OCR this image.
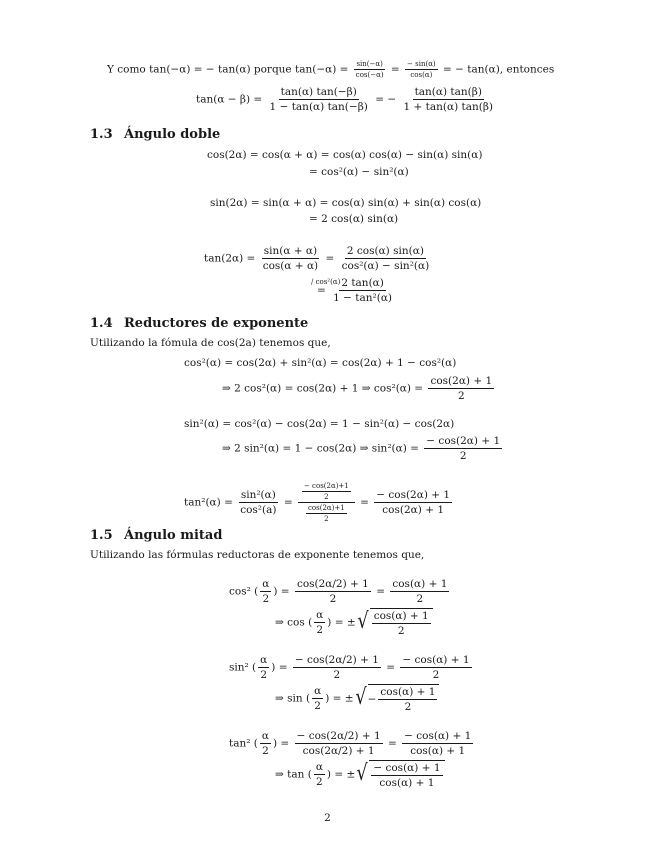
Y como tan(−α) = − tan(α) porque $\tan(-\alpha) = \frac{\sin(-\alpha)}{\cos(-\alpha)} = \frac{- \sin(\alpha)}{\cos(\alpha)}$ = − tan(α), entonces
$\tan(\alpha - \beta) = \frac{\tan(\alpha) \tan(-\beta)}{1 - \tan(\alpha) \tan(-\beta)}$ = − $\frac{\tan(\alpha) \tan(\beta)}{1 + \tan(\alpha) \tan(\beta)}$
1.3 Ángulo doble
cos(2α) = cos(α + α) = cos(α) cos(α) − sin(α) sin(α)
= cos²(α) − sin²(α)
sin(2α) = sin(α + α) = cos(α) sin(α) + sin(α) cos(α)
= 2 cos(α) sin(α)
$\tan(2\alpha) = \frac{\sin(\alpha + \alpha)}{\cos(\alpha + \alpha)} = \frac{2 \cos(\alpha) \sin(\alpha)}{\text{cos²(α) − sin²(α)}}$
/ cos²(α)
= $\frac{2 \tan(\alpha)}{\text{1 − tan²(α)}}$
1.4 Reductores de exponente
Utilizando la fómula de cos(2a) tenemos que,
cos²(α) = cos(2α) + sin²(α) = cos(2α) + 1 − cos²(α)
⇒ 2 cos²(α) = cos(2α) + 1 ⇒ $\cos^2(\alpha) = \frac{\cos(2\alpha) + 1}{2}$
sin²(α) = cos²(α) − cos(2α) = 1 − sin²(α) − cos(2α)
⇒ 2 sin²(α) = 1 − cos(2α) ⇒ $\sin^2(\alpha) = \frac{- \cos(2\alpha) + 1}{2}$
$\tan^2(\alpha) = \frac{\text{sin²(α)}}{\text{cos²(a)}} = \frac{\frac{- \cos(2\alpha)+1}{2}}{\frac{\cos(2\alpha)+1}{2}} = \frac{- \cos(2\alpha) + 1}{\cos(2\alpha) + 1}$
1.5 Ángulo mitad
Utilizando las fórmulas reductoras de exponente tenemos que,
cos² ( $\frac{\alpha}{2}$ ) = $\frac{\cos(2\alpha/2) + 1}{2} = \frac{\cos(\alpha) + 1}{2}$
⇒ cos ( $\frac{\alpha}{2}$ ) = ± √ $\frac{\cos(\alpha) + 1}{2}$
sin² ( $\frac{\alpha}{2}$ ) = $\frac{- \cos(2\alpha/2) + 1}{2} = \frac{- \cos(\alpha) + 1}{2}$
⇒ sin ( $\frac{\alpha}{2}$ ) = ± √ − $\frac{\cos(\alpha) + 1}{2}$
tan² ( $\frac{\alpha}{2}$ ) = $\frac{- \cos(2\alpha/2) + 1}{\cos(2\alpha/2) + 1} = \frac{- \cos(\alpha) + 1}{\cos(\alpha) + 1}$
⇒ tan ( $\frac{\alpha}{2}$ ) = ± √ $\frac{- \cos(\alpha) + 1}{\cos(\alpha) + 1}$
2
